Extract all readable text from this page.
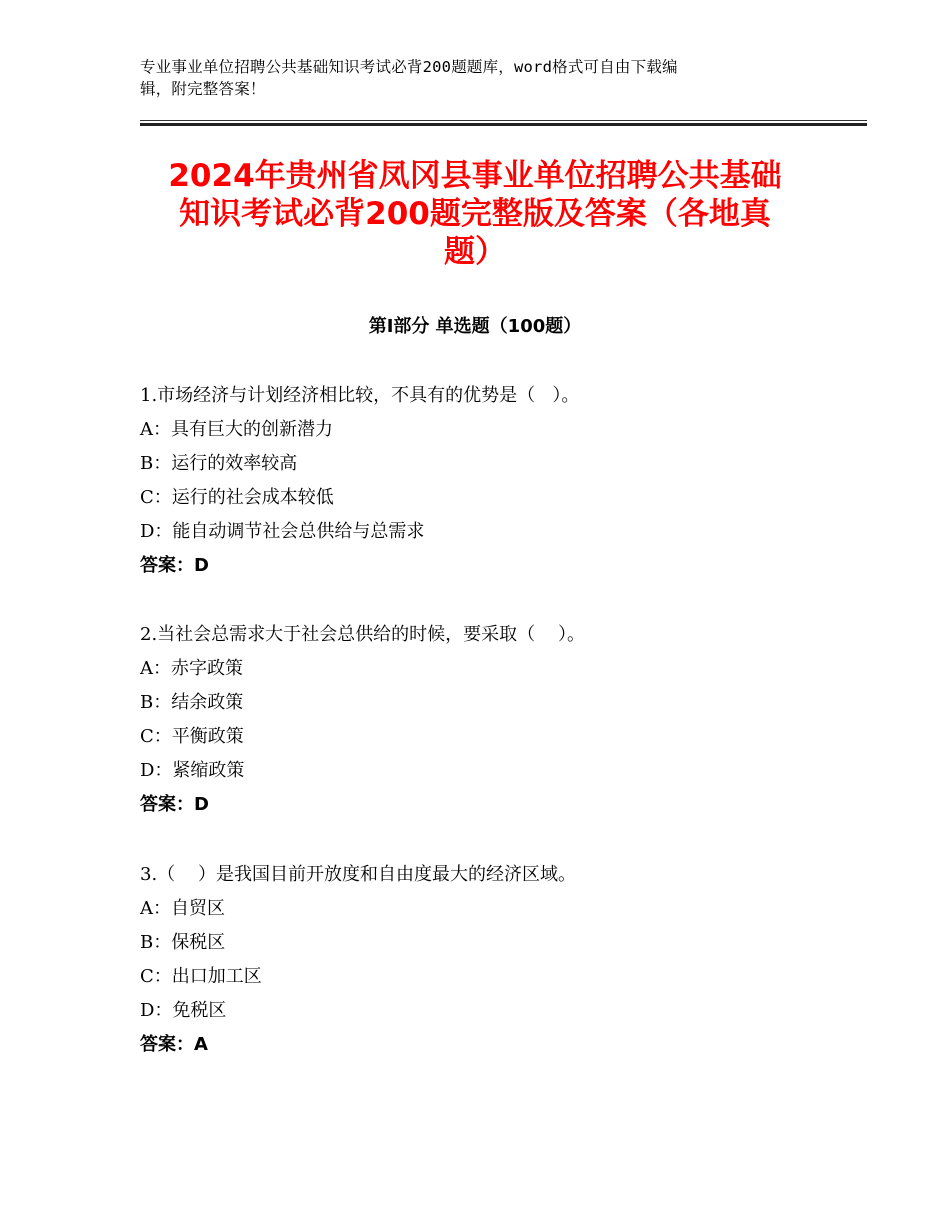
专业事业单位招聘公共基础知识考试必背200题题库，word格式可自由下载编
辑，附完整答案！
2024年贵州省凤冈县事业单位招聘公共基础
知识考试必背200题完整版及答案（各地真
题）
第Ⅰ部分 单选题（100题）
1.市场经济与计划经济相比较，不具有的优势是（   ）。
A：具有巨大的创新潜力
B：运行的效率较高
C：运行的社会成本较低
D：能自动调节社会总供给与总需求
答案：D
2.当社会总需求大于社会总供给的时候，要采取（    ）。
A：赤字政策
B：结余政策
C：平衡政策
D：紧缩政策
答案：D
3.（    ）是我国目前开放度和自由度最大的经济区域。
A：自贸区
B：保税区
C：出口加工区
D：免税区
答案：A
